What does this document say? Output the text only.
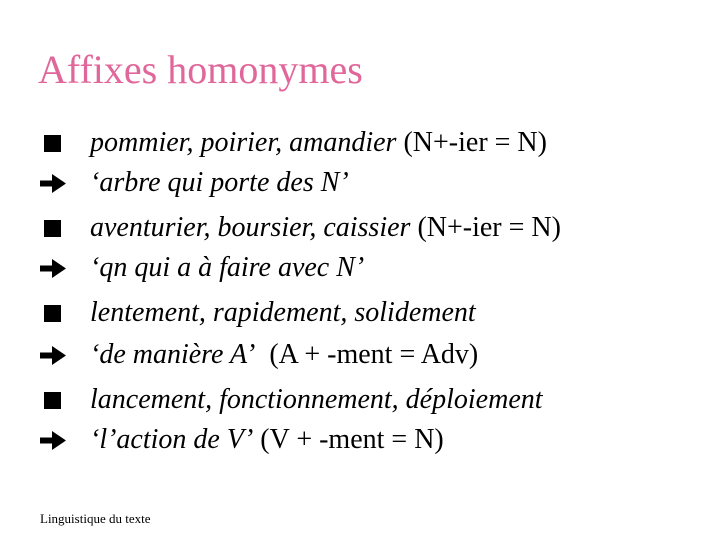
Affixes homonymes
pommier, poirier, amandier (N+-ier = N)
‘arbre qui porte des N’
aventurier, boursier, caissier (N+-ier = N)
‘qn qui a à faire avec N’
lentement, rapidement, solidement
‘de manière A’  (A + -ment = Adv)
lancement, fonctionnement, déploiement
‘l’action de V’ (V + -ment = N)
Linguistique du texte
